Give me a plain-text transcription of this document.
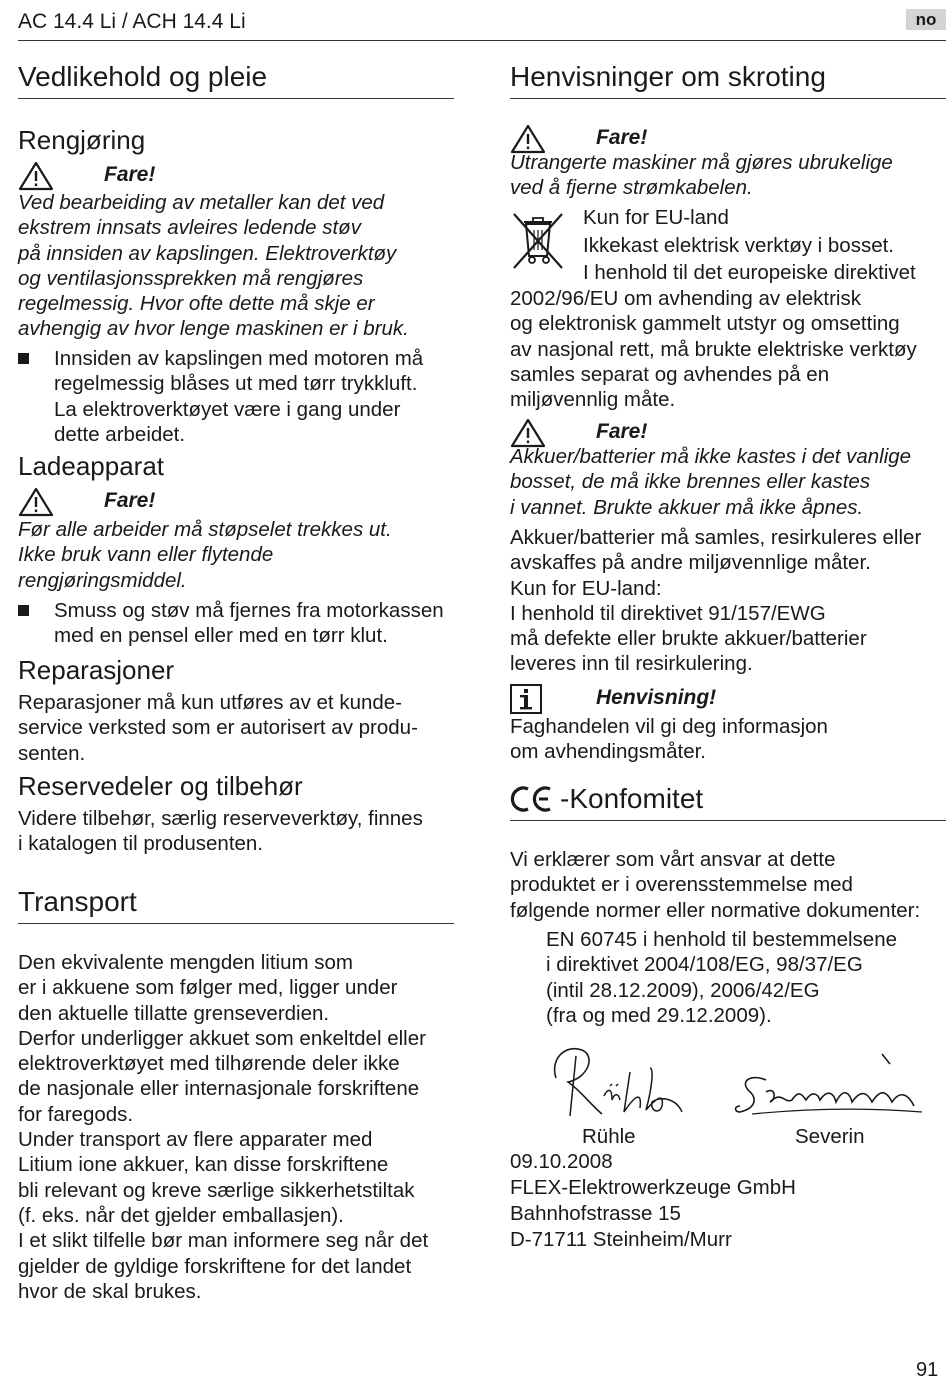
AC 14.4 Li / ACH 14.4 Li	no
Vedlikehold og pleie
Rengjøring
Fare!
Ved bearbeiding av metaller kan det ved
ekstrem innsats avleires ledende støv
på innsiden av kapslingen. Elektroverktøy
og ventilasjonssprekken må rengjøres
regelmessig. Hvor ofte dette må skje er
avhengig av hvor lenge maskinen er i bruk.
Innsiden av kapslingen med motoren må
regelmessig blåses ut med tørr trykkluft.
La elektroverktøyet være i gang under
dette arbeidet.
Ladeapparat
Fare!
Før alle arbeider må støpselet trekkes ut.
Ikke bruk vann eller flytende
rengjøringsmiddel.
Smuss og støv må fjernes fra motorkassen
med en pensel eller med en tørr klut.
Reparasjoner
Reparasjoner må kun utføres av et kunde-
service verksted som er autorisert av produ-
senten.
Reservedeler og tilbehør
Videre tilbehør, særlig reserveverktøy, finnes
i katalogen til produsenten.
Transport
Den ekvivalente mengden litium som
er i akkuene som følger med, ligger under
den aktuelle tillatte grenseverdien.
Derfor underligger akkuet som enkeltdel eller
elektroverktøyet med tilhørende deler ikke
de nasjonale eller internasjonale forskriftene
for faregods.
Under transport av flere apparater med
Litium ione akkuer, kan disse forskriftene
bli relevant og kreve særlige sikkerhetstiltak
(f. eks. når det gjelder emballasjen).
I et slikt tilfelle bør man informere seg når det
gjelder de gyldige forskriftene for det landet
hvor de skal brukes.
Henvisninger om skroting
Fare!
Utrangerte maskiner må gjøres ubrukelige
ved å fjerne strømkabelen.
Kun for EU-land
Ikkekast elektrisk verktøy i bosset.
I henhold til det europeiske direktivet
2002/96/EU om avhending av elektrisk
og elektronisk gammelt utstyr og omsetting
av nasjonal rett, må brukte elektriske verktøy
samles separat og avhendes på en
miljøvennlig måte.
Fare!
Akkuer/batterier må ikke kastes i det vanlige
bosset, de må ikke brennes eller kastes
i vannet. Brukte akkuer må ikke åpnes.
Akkuer/batterier må samles, resirkuleres eller
avskaffes på andre miljøvennlige måter.
Kun for EU-land:
I henhold til direktivet 91/157/EWG
må defekte eller brukte akkuer/batterier
leveres inn til resirkulering.
Henvisning!
Faghandelen vil gi deg informasjon
om avhendingsmåter.
-Konfomitet
Vi erklærer som vårt ansvar at dette
produktet er i overensstemmelse med
følgende normer eller normative dokumenter:
EN 60745 i henhold til bestemmelsene
i direktivet 2004/108/EG, 98/37/EG
(intil 28.12.2009), 2006/42/EG
(fra og med 29.12.2009).
Rühle	Severin
09.10.2008
FLEX-Elektrowerkzeuge GmbH
Bahnhofstrasse 15
D-71711 Steinheim/Murr
91
